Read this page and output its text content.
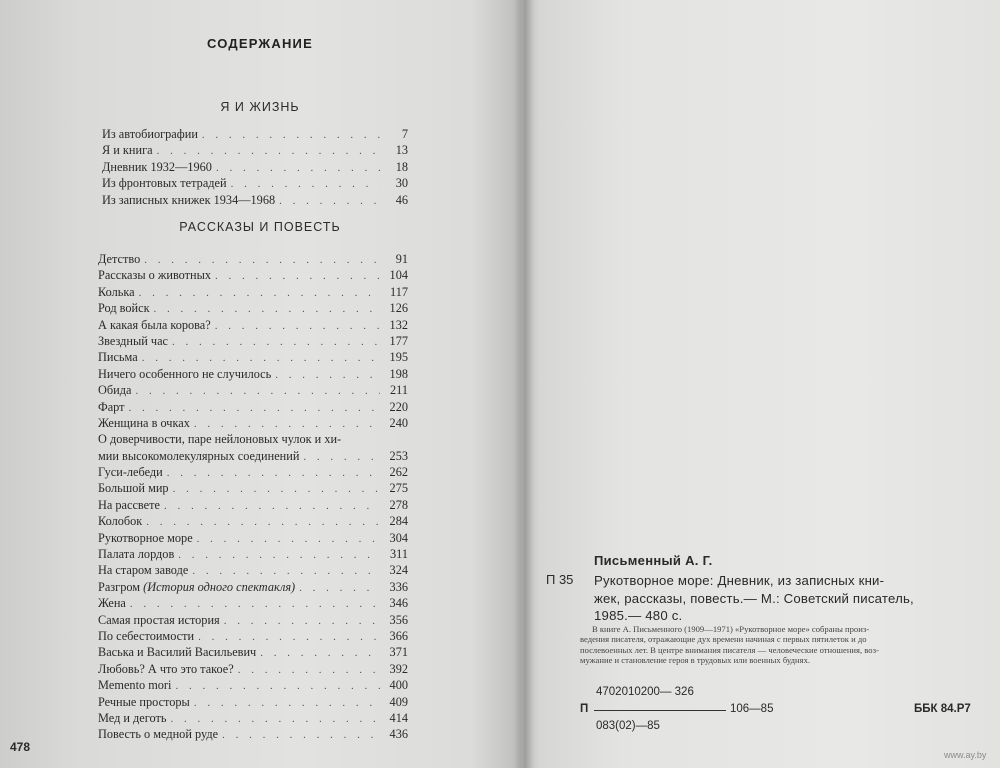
СОДЕРЖАНИЕ
Я И ЖИЗНЬ
Из автобиографии . . .	7
Я и книга . . .	13
Дневник 1932—1960 . . .	18
Из фронтовых тетрадей . . .	30
Из записных книжек 1934—1968 . . .	46
РАССКАЗЫ И ПОВЕСТЬ
Детство . . .	91
Рассказы о животных . . .	104
Колька . . .	117
Род войск . . .	126
А какая была корова? . . .	132
Звездный час . . .	177
Письма . . .	195
Ничего особенного не случилось . . .	198
Обида . . .	211
Фарт . . .	220
Женщина в очках . . .	240
О доверчивости, паре нейлоновых чулок и хи-
мии высокомолекулярных соединений . . .	253
Гуси-лебеди . . .	262
Большой мир . . .	275
На рассвете . . .	278
Колобок . . .	284
Рукотворное море . . .	304
Палата лордов . . .	311
На старом заводе . . .	324
Разгром (История одного спектакля) . . .	336
Жена . . .	346
Самая простая история . . .	356
По себестоимости . . .	366
Васька и Василий Васильевич . . .	371
Любовь? А что это такое? . . .	392
Memento mori . . .	400
Речные просторы . . .	409
Мед и деготь . . .	414
Повесть о медной руде . . .	436
478
Письменный А. Г.
П 35 Рукотворное море: Дневник, из записных кни-
жек, рассказы, повесть.— М.: Советский писатель,
1985.— 480 с.
В книге А. Письменного (1909—1971) «Рукотворное море» собраны произ-
ведения писателя, отражающие дух времени начиная с первых пятилеток и до
послевоенных лет. В центре внимания писателя — человеческие отношения, воз-
мужание и становление героя в трудовых или военных буднях.
4702010200— 326
П	106—85
083(02)—85
ББК 84.Р7
www.ay.by
